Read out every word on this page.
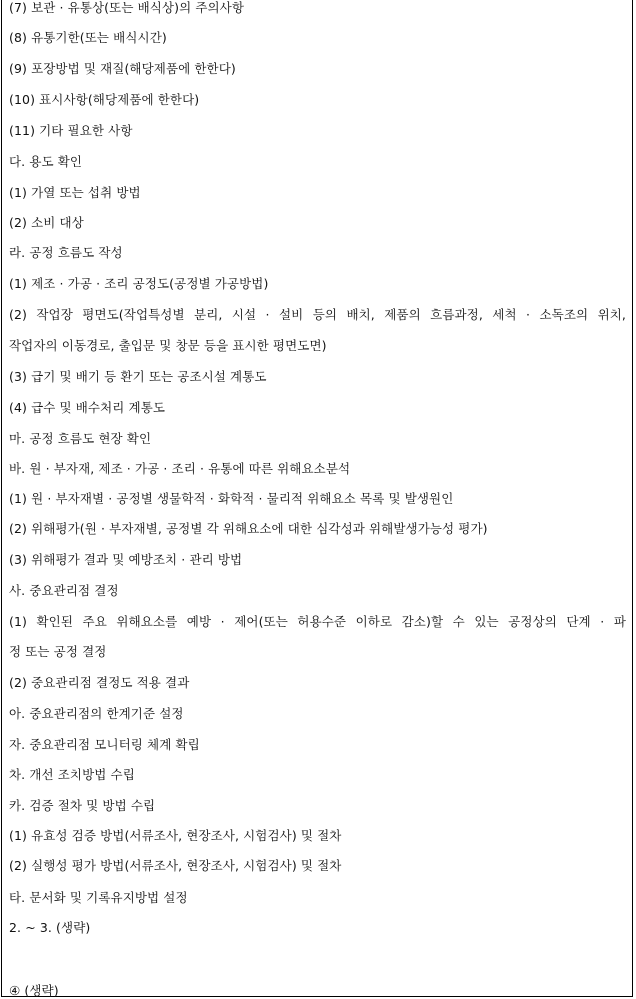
(7) 보관 · 유통상(또는 배식상)의 주의사항
(8) 유통기한(또는 배식시간)
(9) 포장방법 및 재질(해당제품에 한한다)
(10) 표시사항(해당제품에 한한다)
(11) 기타 필요한 사항
다. 용도 확인
(1) 가열 또는 섭취 방법
(2) 소비 대상
라. 공정 흐름도 작성
(1) 제조 · 가공 · 조리 공정도(공정별 가공방법)
(2) 작업장 평면도(작업특성별 분리, 시설 · 설비 등의 배치, 제품의 흐름과정, 세척 · 소독조의 위치,
작업자의 이동경로, 출입문 및 창문 등을 표시한 평면도면)
(3) 급기 및 배기 등 환기 또는 공조시설 계통도
(4) 급수 및 배수처리 계통도
마. 공정 흐름도 현장 확인
바. 원 · 부자재, 제조 · 가공 · 조리 · 유통에 따른 위해요소분석
(1) 원 · 부자재별 · 공정별 생물학적 · 화학적 · 물리적 위해요소 목록 및 발생원인
(2) 위해평가(원 · 부자재별, 공정별 각 위해요소에 대한 심각성과 위해발생가능성 평가)
(3) 위해평가 결과 및 예방조치 · 관리 방법
사. 중요관리점 결정
(1) 확인된 주요 위해요소를 예방 · 제어(또는 허용수준 이하로 감소)할 수 있는 공정상의 단계 · 파
정 또는 공정 결정
(2) 중요관리점 결정도 적용 결과
아. 중요관리점의 한계기준 설정
자. 중요관리점 모니터링 체계 확립
차. 개선 조치방법 수립
카. 검증 절차 및 방법 수립
(1) 유효성 검증 방법(서류조사, 현장조사, 시험검사) 및 절차
(2) 실행성 평가 방법(서류조사, 현장조사, 시험검사) 및 절차
타. 문서화 및 기록유지방법 설정
2. ~ 3. (생략)
④ (생략)
